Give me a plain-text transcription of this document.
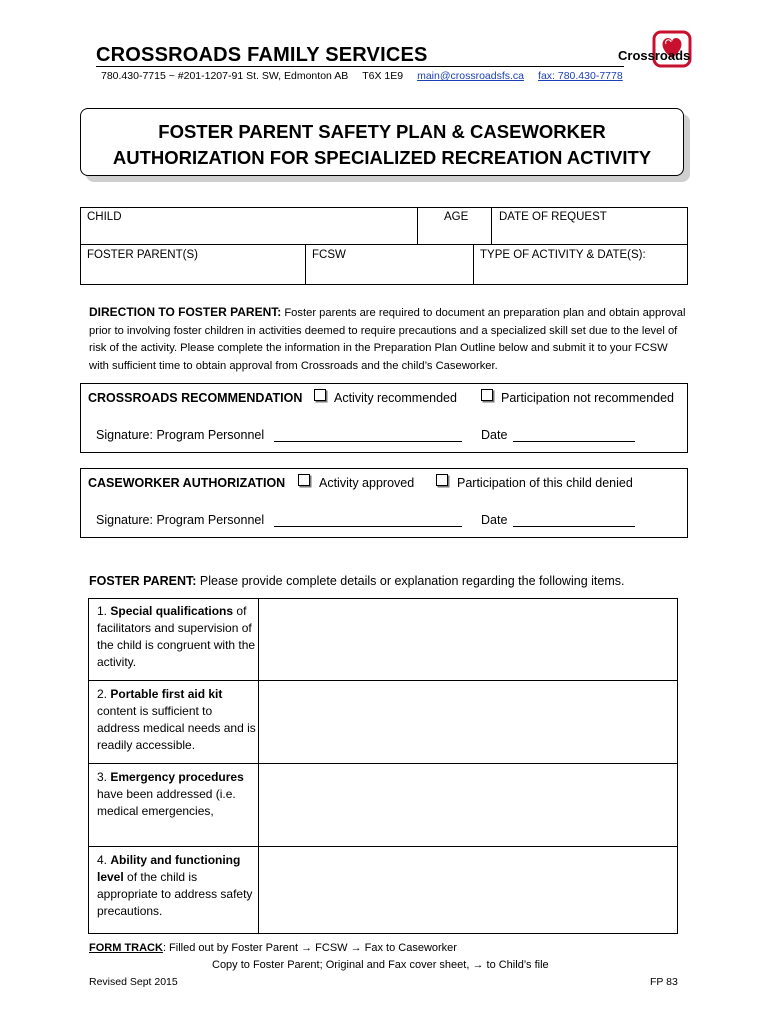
CROSSROADS FAMILY SERVICES
780.430-7715 ~ #201-1207-91 St. SW, Edmonton AB T6X 1E9 main@crossroadsfs.ca fax: 780.430-7778
Crossroads
FOSTER PARENT SAFETY PLAN & CASEWORKER
AUTHORIZATION FOR SPECIALIZED RECREATION ACTIVITY
CHILD	AGE	DATE OF REQUEST
FOSTER PARENT(S)	FCSW	TYPE OF ACTIVITY & DATE(S):
DIRECTION TO FOSTER PARENT: Foster parents are required to document an preparation plan and obtain approval prior to involving foster children in activities deemed to require precautions and a specialized skill set due to the level of risk of the activity. Please complete the information in the Preparation Plan Outline below and submit it to your FCSW with sufficient time to obtain approval from Crossroads and the child’s Caseworker.
CROSSROADS RECOMMENDATION	Activity recommended	Participation not recommended
Signature: Program Personnel	Date
CASEWORKER AUTHORIZATION	Activity approved	Participation of this child denied
Signature: Program Personnel	Date
FOSTER PARENT: Please provide complete details or explanation regarding the following items.
1. Special qualifications of facilitators and supervision of the child is congruent with the activity.
2. Portable first aid kit content is sufficient to address medical needs and is readily accessible.
3. Emergency procedures have been addressed (i.e. medical emergencies,
4. Ability and functioning level of the child is appropriate to address safety precautions.
FORM TRACK: Filled out by Foster Parent → FCSW → Fax to Caseworker
Copy to Foster Parent; Original and Fax cover sheet, → to Child’s file
Revised Sept 2015	FP 83
